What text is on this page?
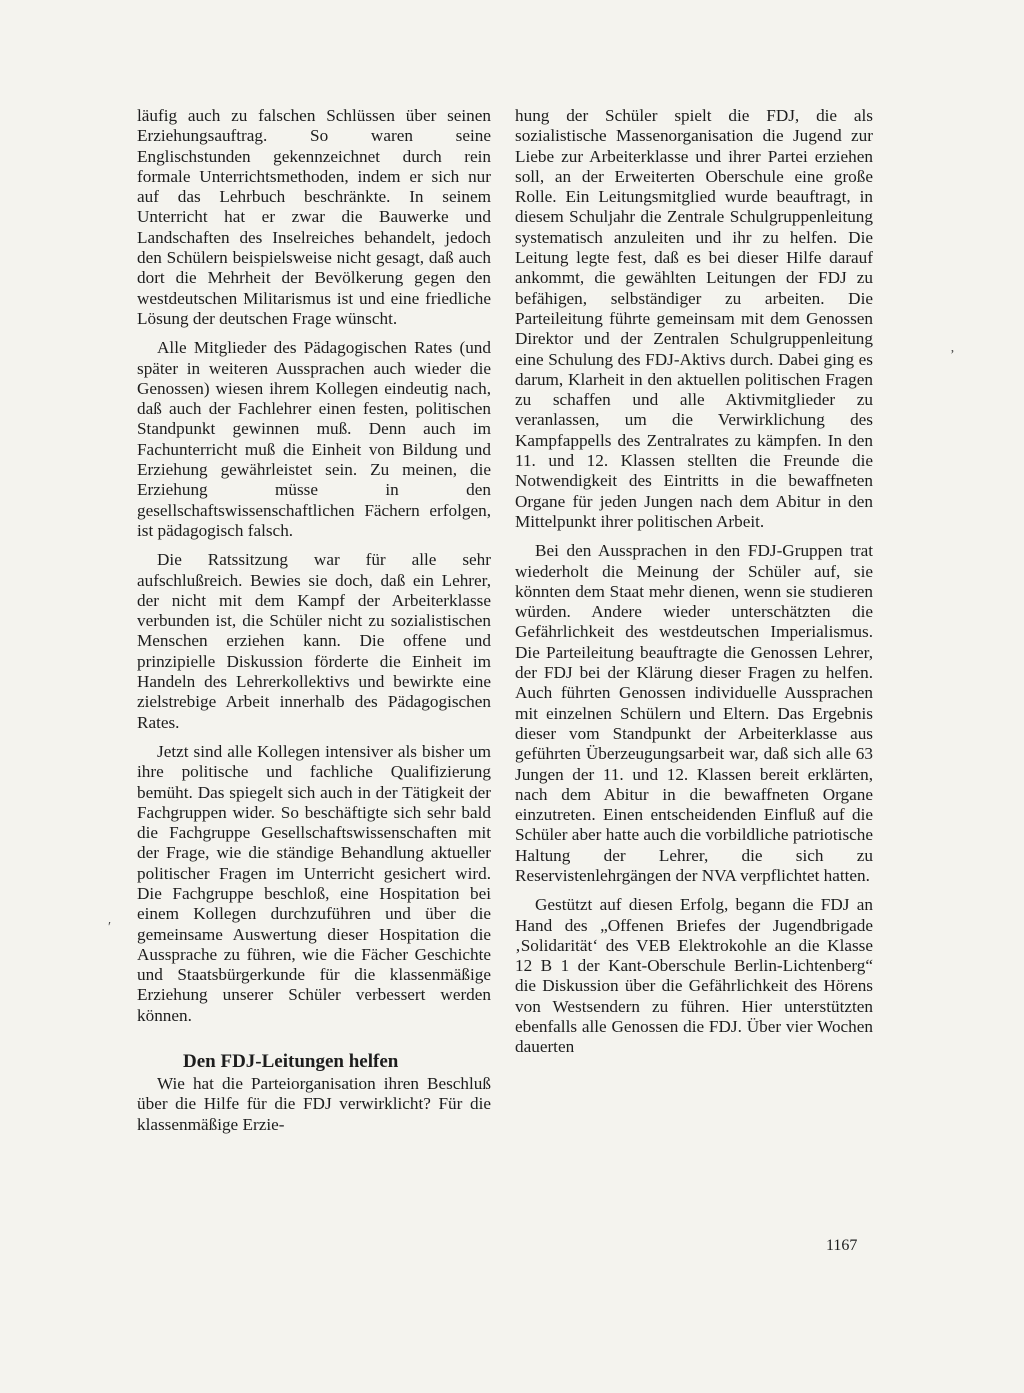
läufig auch zu falschen Schlüssen über seinen Erziehungsauftrag. So waren seine Englischstunden gekennzeichnet durch rein formale Unterrichtsmethoden, indem er sich nur auf das Lehrbuch beschränkte. In seinem Unterricht hat er zwar die Bauwerke und Landschaften des Inselreiches behandelt, jedoch den Schülern beispielsweise nicht gesagt, daß auch dort die Mehrheit der Bevölkerung gegen den westdeutschen Militarismus ist und eine friedliche Lösung der deutschen Frage wünscht.

Alle Mitglieder des Pädagogischen Rates (und später in weiteren Aussprachen auch wieder die Genossen) wiesen ihrem Kollegen eindeutig nach, daß auch der Fachlehrer einen festen, politischen Standpunkt gewinnen muß. Denn auch im Fachunterricht muß die Einheit von Bildung und Erziehung gewährleistet sein. Zu meinen, die Erziehung müsse in den gesellschaftswissenschaftlichen Fächern erfolgen, ist pädagogisch falsch.

Die Ratssitzung war für alle sehr aufschlußreich. Bewies sie doch, daß ein Lehrer, der nicht mit dem Kampf der Arbeiterklasse verbunden ist, die Schüler nicht zu sozialistischen Menschen erziehen kann. Die offene und prinzipielle Diskussion förderte die Einheit im Handeln des Lehrerkollektivs und bewirkte eine zielstrebige Arbeit innerhalb des Pädagogischen Rates.

Jetzt sind alle Kollegen intensiver als bisher um ihre politische und fachliche Qualifizierung bemüht. Das spiegelt sich auch in der Tätigkeit der Fachgruppen wider. So beschäftigte sich sehr bald die Fachgruppe Gesellschaftswissenschaften mit der Frage, wie die ständige Behandlung aktueller politischer Fragen im Unterricht gesichert wird. Die Fachgruppe beschloß, eine Hospitation bei einem Kollegen durchzuführen und über die gemeinsame Auswertung dieser Hospitation die Aussprache zu führen, wie die Fächer Geschichte und Staatsbürgerkunde für die klassenmäßige Erziehung unserer Schüler verbessert werden können.

Den FDJ-Leitungen helfen

Wie hat die Parteiorganisation ihren Beschluß über die Hilfe für die FDJ verwirklicht? Für die klassenmäßige Erzie-

hung der Schüler spielt die FDJ, die als sozialistische Massenorganisation die Jugend zur Liebe zur Arbeiterklasse und ihrer Partei erziehen soll, an der Erweiterten Oberschule eine große Rolle. Ein Leitungsmitglied wurde beauftragt, in diesem Schuljahr die Zentrale Schulgruppenleitung systematisch anzuleiten und ihr zu helfen. Die Leitung legte fest, daß es bei dieser Hilfe darauf ankommt, die gewählten Leitungen der FDJ zu befähigen, selbständiger zu arbeiten. Die Parteileitung führte gemeinsam mit dem Genossen Direktor und der Zentralen Schulgruppenleitung eine Schulung des FDJ-Aktivs durch. Dabei ging es darum, Klarheit in den aktuellen politischen Fragen zu schaffen und alle Aktivmitglieder zu veranlassen, um die Verwirklichung des Kampfappells des Zentralrates zu kämpfen. In den 11. und 12. Klassen stellten die Freunde die Notwendigkeit des Eintritts in die bewaffneten Organe für jeden Jungen nach dem Abitur in den Mittelpunkt ihrer politischen Arbeit.

Bei den Aussprachen in den FDJ-Gruppen trat wiederholt die Meinung der Schüler auf, sie könnten dem Staat mehr dienen, wenn sie studieren würden. Andere wieder unterschätzten die Gefährlichkeit des westdeutschen Imperialismus. Die Parteileitung beauftragte die Genossen Lehrer, der FDJ bei der Klärung dieser Fragen zu helfen. Auch führten Genossen individuelle Aussprachen mit einzelnen Schülern und Eltern. Das Ergebnis dieser vom Standpunkt der Arbeiterklasse aus geführten Überzeugungsarbeit war, daß sich alle 63 Jungen der 11. und 12. Klassen bereit erklärten, nach dem Abitur in die bewaffneten Organe einzutreten. Einen entscheidenden Einfluß auf die Schüler aber hatte auch die vorbildliche patriotische Haltung der Lehrer, die sich zu Reservistenlehrgängen der NVA verpflichtet hatten.

Gestützt auf diesen Erfolg, begann die FDJ an Hand des „Offenen Briefes der Jugendbrigade ‚Solidarität‘ des VEB Elektrokohle an die Klasse 12 B 1 der Kant-Oberschule Berlin-Lichtenberg“ die Diskussion über die Gefährlichkeit des Hörens von Westsendern zu führen. Hier unterstützten ebenfalls alle Genossen die FDJ. Über vier Wochen dauerten

1167
’
′
